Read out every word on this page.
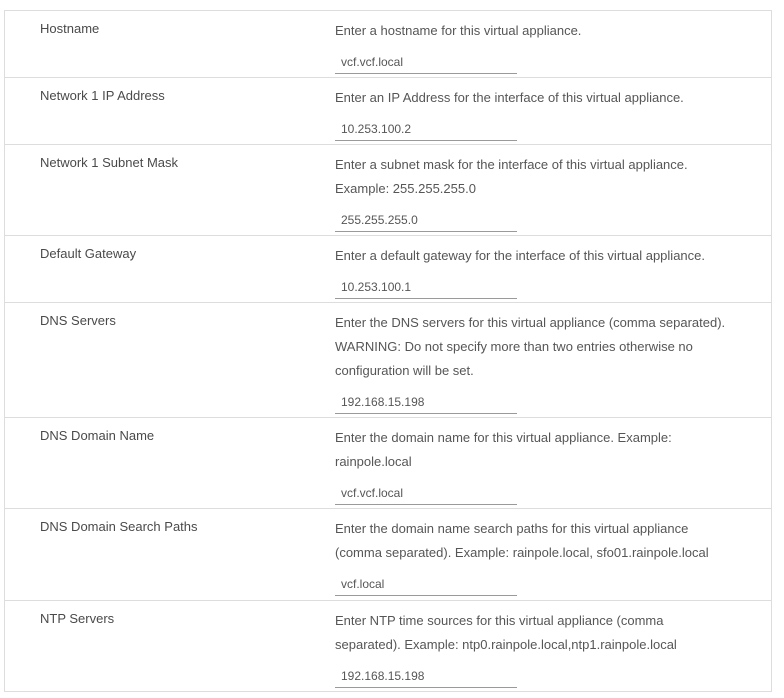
Hostname	Enter a hostname for this virtual appliance.

vcf.vcf.local
Network 1 IP Address	Enter an IP Address for the interface of this virtual appliance.

10.253.100.2
Network 1 Subnet Mask	Enter a subnet mask for the interface of this virtual appliance.

Example: 255.255.255.0

255.255.255.0
Default Gateway	Enter a default gateway for the interface of this virtual appliance.

10.253.100.1
DNS Servers	Enter the DNS servers for this virtual appliance (comma separated).

WARNING: Do not specify more than two entries otherwise no

configuration will be set.

192.168.15.198
DNS Domain Name	Enter the domain name for this virtual appliance. Example:

rainpole.local

vcf.vcf.local
DNS Domain Search Paths	Enter the domain name search paths for this virtual appliance

(comma separated). Example: rainpole.local, sfo01.rainpole.local

vcf.local
NTP Servers	Enter NTP time sources for this virtual appliance (comma

separated). Example: ntp0.rainpole.local,ntp1.rainpole.local

192.168.15.198
